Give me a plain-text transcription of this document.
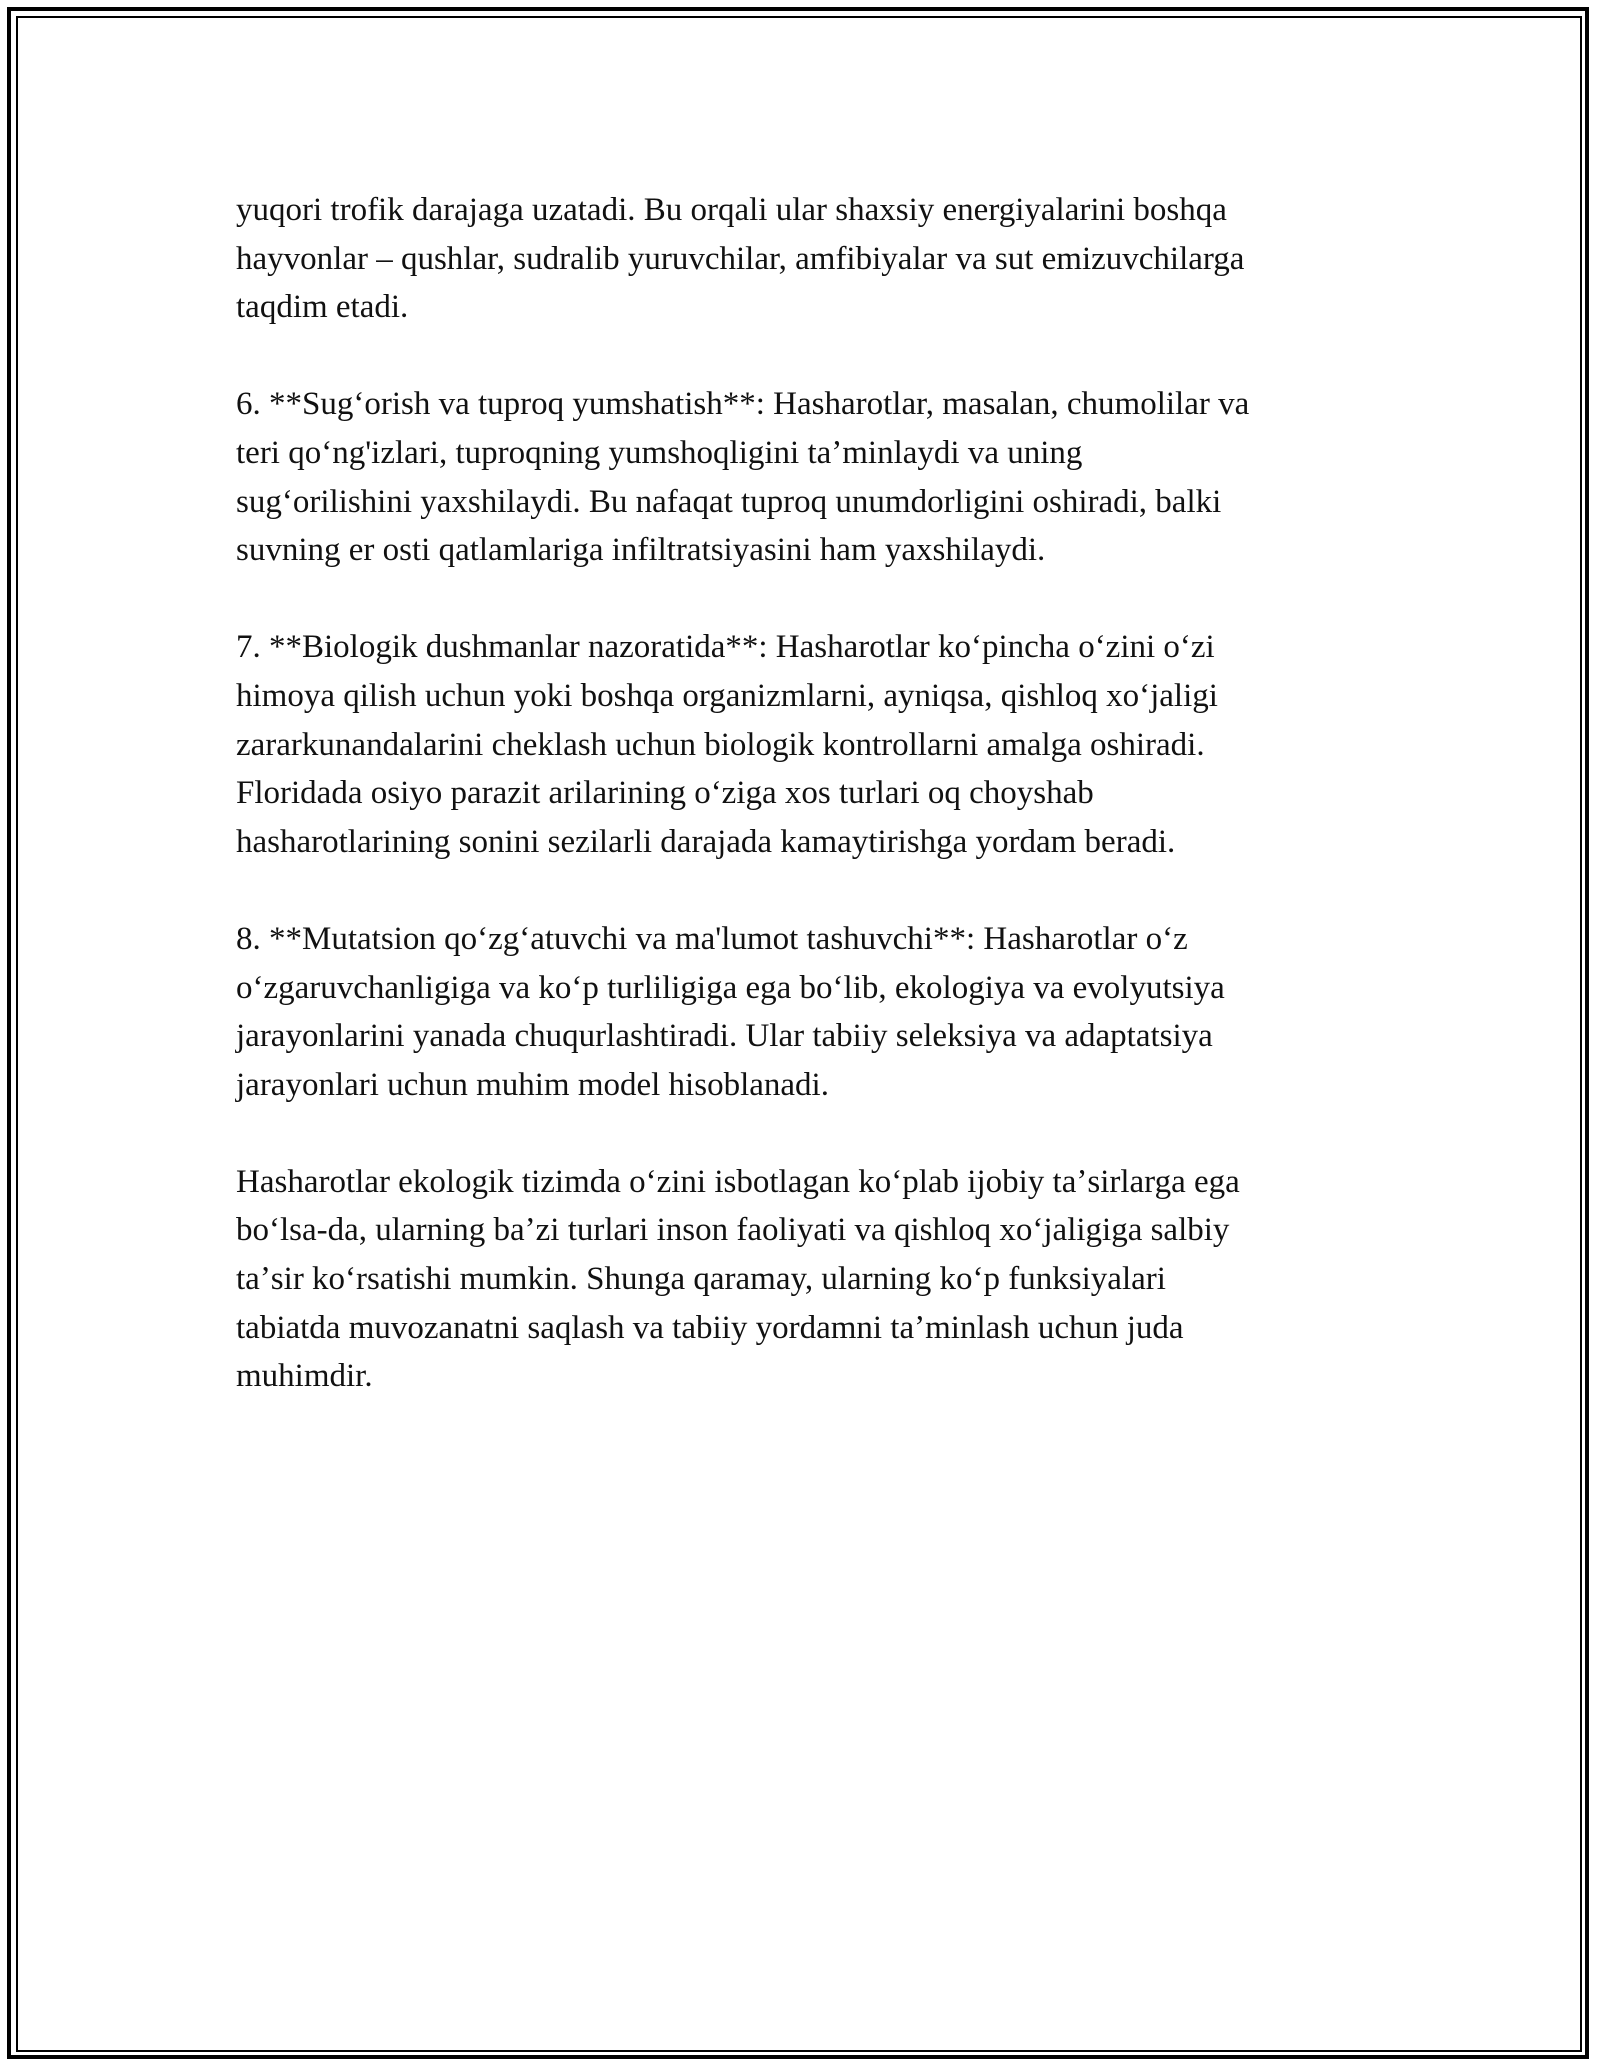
yuqori trofik darajaga uzatadi. Bu orqali ular shaxsiy energiyalarini boshqa
hayvonlar – qushlar, sudralib yuruvchilar, amfibiyalar va sut emizuvchilarga
taqdim etadi.

6. **Sugʻorish va tuproq yumshatish**: Hasharotlar, masalan, chumolilar va
teri qoʻng'izlari, tuproqning yumshoqligini taʼminlaydi va uning
sugʻorilishini yaxshilaydi. Bu nafaqat tuproq unumdorligini oshiradi, balki
suvning er osti qatlamlariga infiltratsiyasini ham yaxshilaydi.

7. **Biologik dushmanlar nazoratida**: Hasharotlar koʻpincha oʻzini oʻzi
himoya qilish uchun yoki boshqa organizmlarni, ayniqsa, qishloq xoʻjaligi
zararkunandalarini cheklash uchun biologik kontrollarni amalga oshiradi.
Floridada osiyo parazit arilarining oʻziga xos turlari oq choyshab
hasharotlarining sonini sezilarli darajada kamaytirishga yordam beradi.

8. **Mutatsion qoʻzgʻatuvchi va ma'lumot tashuvchi**: Hasharotlar oʻz
oʻzgaruvchanligiga va koʻp turliligiga ega boʻlib, ekologiya va evolyutsiya
jarayonlarini yanada chuqurlashtiradi. Ular tabiiy seleksiya va adaptatsiya
jarayonlari uchun muhim model hisoblanadi.

Hasharotlar ekologik tizimda oʻzini isbotlagan koʻplab ijobiy taʼsirlarga ega
boʻlsa-da, ularning baʼzi turlari inson faoliyati va qishloq xoʻjaligiga salbiy
taʼsir koʻrsatishi mumkin. Shunga qaramay, ularning koʻp funksiyalari
tabiatda muvozanatni saqlash va tabiiy yordamni taʼminlash uchun juda
muhimdir.
